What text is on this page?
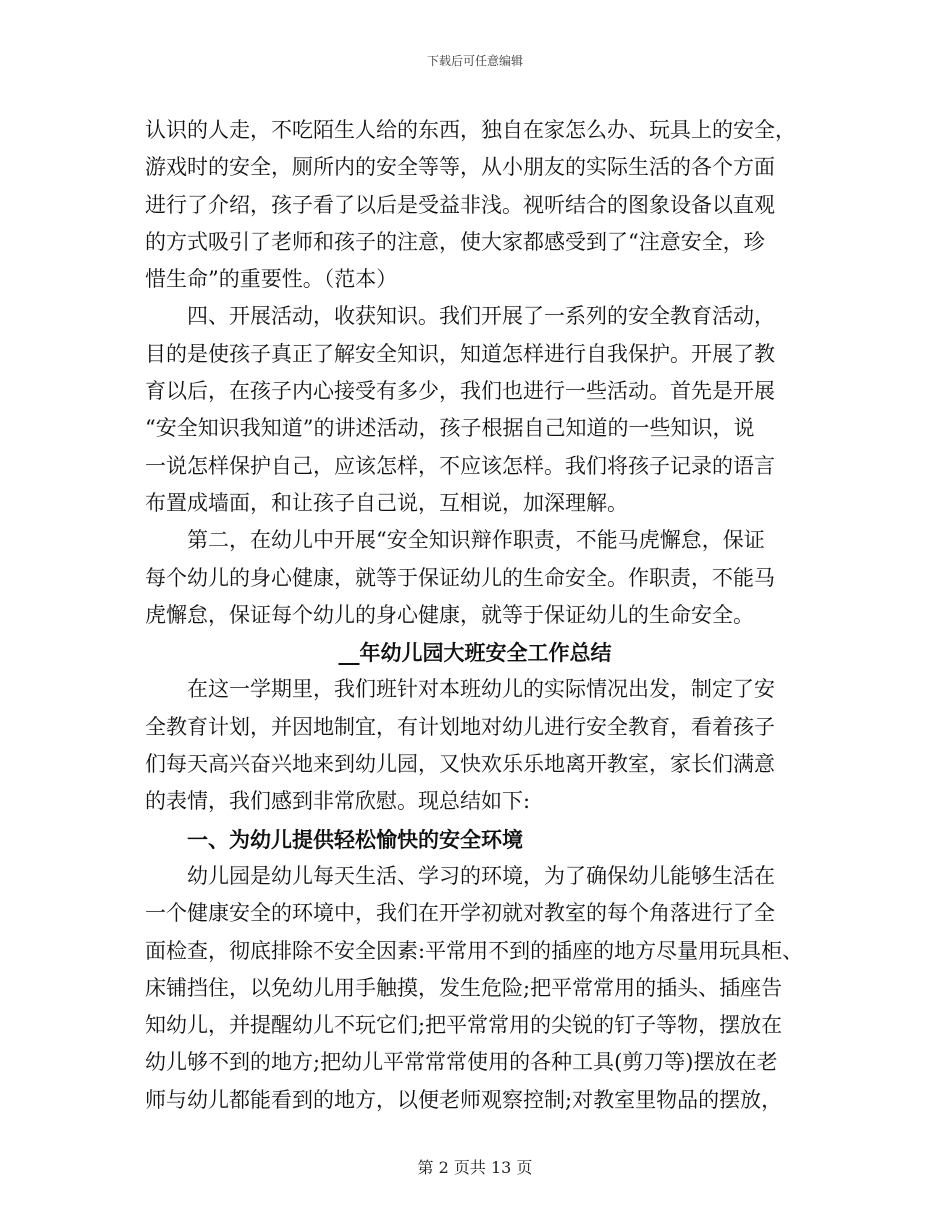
下载后可任意编辑
认识的人走，不吃陌生人给的东西，独自在家怎么办、玩具上的安全，
游戏时的安全，厕所内的安全等等，从小朋友的实际生活的各个方面
进行了介绍，孩子看了以后是受益非浅。视听结合的图象设备以直观
的方式吸引了老师和孩子的注意，使大家都感受到了“注意安全，珍
惜生命”的重要性。（范本）
四、开展活动，收获知识。我们开展了一系列的安全教育活动，
目的是使孩子真正了解安全知识，知道怎样进行自我保护。开展了教
育以后，在孩子内心接受有多少，我们也进行一些活动。首先是开展
“安全知识我知道”的讲述活动，孩子根据自己知道的一些知识，说
一说怎样保护自己，应该怎样，不应该怎样。我们将孩子记录的语言
布置成墙面，和让孩子自己说，互相说，加深理解。
第二，在幼儿中开展“安全知识辩作职责，不能马虎懈怠，保证
每个幼儿的身心健康，就等于保证幼儿的生命安全。作职责，不能马
虎懈怠，保证每个幼儿的身心健康，就等于保证幼儿的生命安全。
__年幼儿园大班安全工作总结
在这一学期里，我们班针对本班幼儿的实际情况出发，制定了安
全教育计划，并因地制宜，有计划地对幼儿进行安全教育，看着孩子
们每天高兴奋兴地来到幼儿园，又快欢乐乐地离开教室，家长们满意
的表情，我们感到非常欣慰。现总结如下:
一、为幼儿提供轻松愉快的安全环境
幼儿园是幼儿每天生活、学习的环境，为了确保幼儿能够生活在
一个健康安全的环境中，我们在开学初就对教室的每个角落进行了全
面检查，彻底排除不安全因素:平常用不到的插座的地方尽量用玩具柜、
床铺挡住，以免幼儿用手触摸，发生危险;把平常常用的插头、插座告
知幼儿，并提醒幼儿不玩它们;把平常常用的尖锐的钉子等物，摆放在
幼儿够不到的地方;把幼儿平常常常使用的各种工具(剪刀等)摆放在老
师与幼儿都能看到的地方，以便老师观察控制;对教室里物品的摆放，
第 2 页共 13 页
